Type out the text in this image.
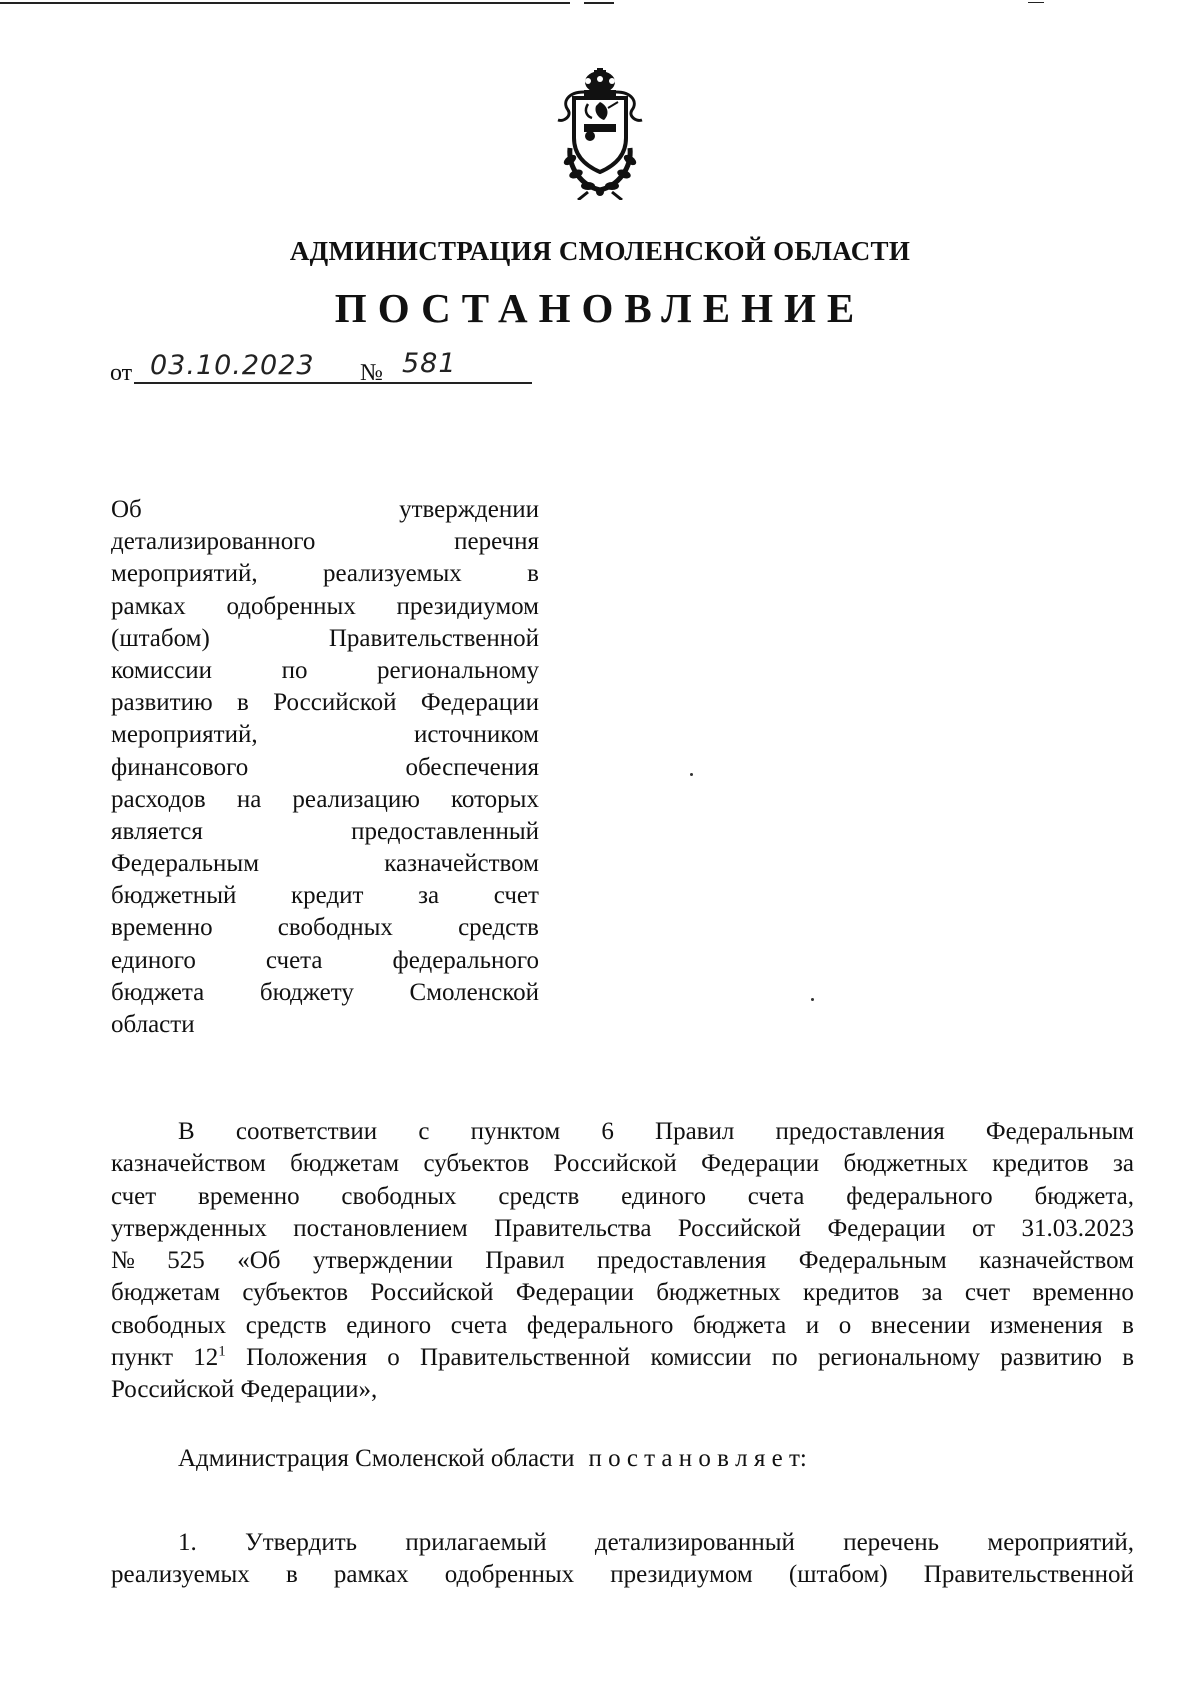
АДМИНИСТРАЦИЯ СМОЛЕНСКОЙ ОБЛАСТИ
ПОСТАНОВЛЕНИЕ
от 03.10.2023 № 581
Об	утверждении
детализированного	перечня
мероприятий,	реализуемых	в
рамках одобренных президиумом
(штабом)	Правительственной
комиссии	по	региональному
развитию в Российской Федерации
мероприятий,	источником
финансового	обеспечения
расходов на реализацию которых
является	предоставленный
Федеральным	казначейством
бюджетный кредит за счет
временно	свободных	средств
единого	счета	федерального
бюджета бюджету Смоленской
области
В соответствии с пунктом 6 Правил предоставления Федеральным
казначейством бюджетам субъектов Российской Федерации бюджетных кредитов за
счет временно свободных средств единого счета федерального бюджета,
утвержденных постановлением Правительства Российской Федерации от 31.03.2023
№ 525 «Об утверждении Правил предоставления Федеральным казначейством
бюджетам субъектов Российской Федерации бюджетных кредитов за счет временно
свободных средств единого счета федерального бюджета и о внесении изменения в
пункт $12^1$ Положения о Правительственной комиссии по региональному развитию в
Российской Федерации»,
Администрация Смоленской области п о с т а н о в л я е т:
1. Утвердить прилагаемый детализированный перечень мероприятий,
реализуемых в рамках одобренных президиумом (штабом) Правительственной
